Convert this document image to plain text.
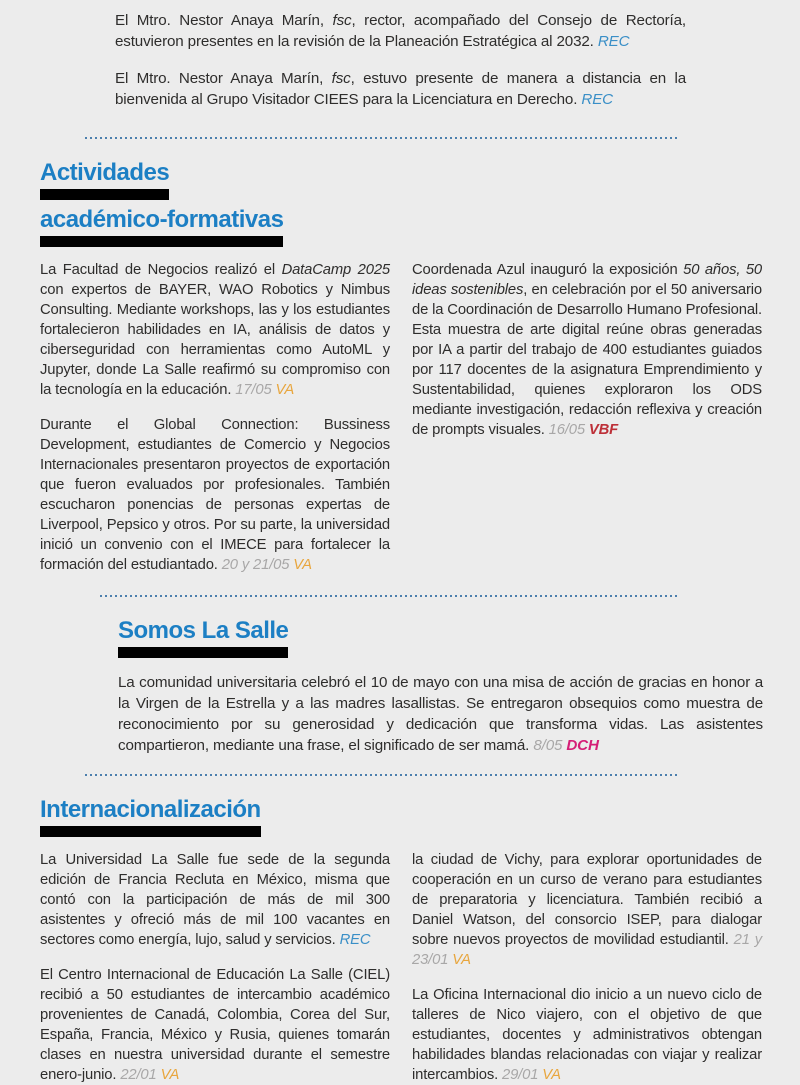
El Mtro. Nestor Anaya Marín, fsc, rector, acompañado del Consejo de Rectoría, estuvieron presentes en la revisión de la Planeación Estratégica al 2032. REC

El Mtro. Nestor Anaya Marín, fsc, estuvo presente de manera a distancia en la bienvenida al Grupo Visitador CIEES para la Licenciatura en Derecho. REC

Actividades
académico-formativas

La Facultad de Negocios realizó el DataCamp 2025 con expertos de BAYER, WAO Robotics y Nimbus Consulting. Mediante workshops, las y los estudiantes fortalecieron habilidades en IA, análisis de datos y ciberseguridad con herramientas como AutoML y Jupyter, donde La Salle reafirmó su compromiso con la tecnología en la educación. 17/05 VA

Durante el Global Connection: Bussiness Development, estudiantes de Comercio y Negocios Internacionales presentaron proyectos de exportación que fueron evaluados por profesionales. También escucharon ponencias de personas expertas de Liverpool, Pepsico y otros. Por su parte, la universidad inició un convenio con el IMECE para fortalecer la formación del estudiantado. 20 y 21/05 VA

Coordenada Azul inauguró la exposición 50 años, 50 ideas sostenibles, en celebración por el 50 aniversario de la Coordinación de Desarrollo Humano Profesional. Esta muestra de arte digital reúne obras generadas por IA a partir del trabajo de 400 estudiantes guiados por 117 docentes de la asignatura Emprendimiento y Sustentabilidad, quienes exploraron los ODS mediante investigación, redacción reflexiva y creación de prompts visuales. 16/05 VBF

Somos La Salle

La comunidad universitaria celebró el 10 de mayo con una misa de acción de gracias en honor a la Virgen de la Estrella y a las madres lasallistas. Se entregaron obsequios como muestra de reconocimiento por su generosidad y dedicación que transforma vidas. Las asistentes compartieron, mediante una frase, el significado de ser mamá. 8/05 DCH

Internacionalización

La Universidad La Salle fue sede de la segunda edición de Francia Recluta en México, misma que contó con la participación de más de mil 300 asistentes y ofreció más de mil 100 vacantes en sectores como energía, lujo, salud y servicios. REC

El Centro Internacional de Educación La Salle (CIEL) recibió a 50 estudiantes de intercambio académico provenientes de Canadá, Colombia, Corea del Sur, España, Francia, México y Rusia, quienes tomarán clases en nuestra universidad durante el semestre enero-junio. 22/01 VA

la ciudad de Vichy, para explorar oportunidades de cooperación en un curso de verano para estudiantes de preparatoria y licenciatura. También recibió a Daniel Watson, del consorcio ISEP, para dialogar sobre nuevos proyectos de movilidad estudiantil. 21 y 23/01 VA

La Oficina Internacional dio inicio a un nuevo ciclo de talleres de Nico viajero, con el objetivo de que estudiantes, docentes y administrativos obtengan habilidades blandas relacionadas con viajar y realizar intercambios. 29/01 VA
